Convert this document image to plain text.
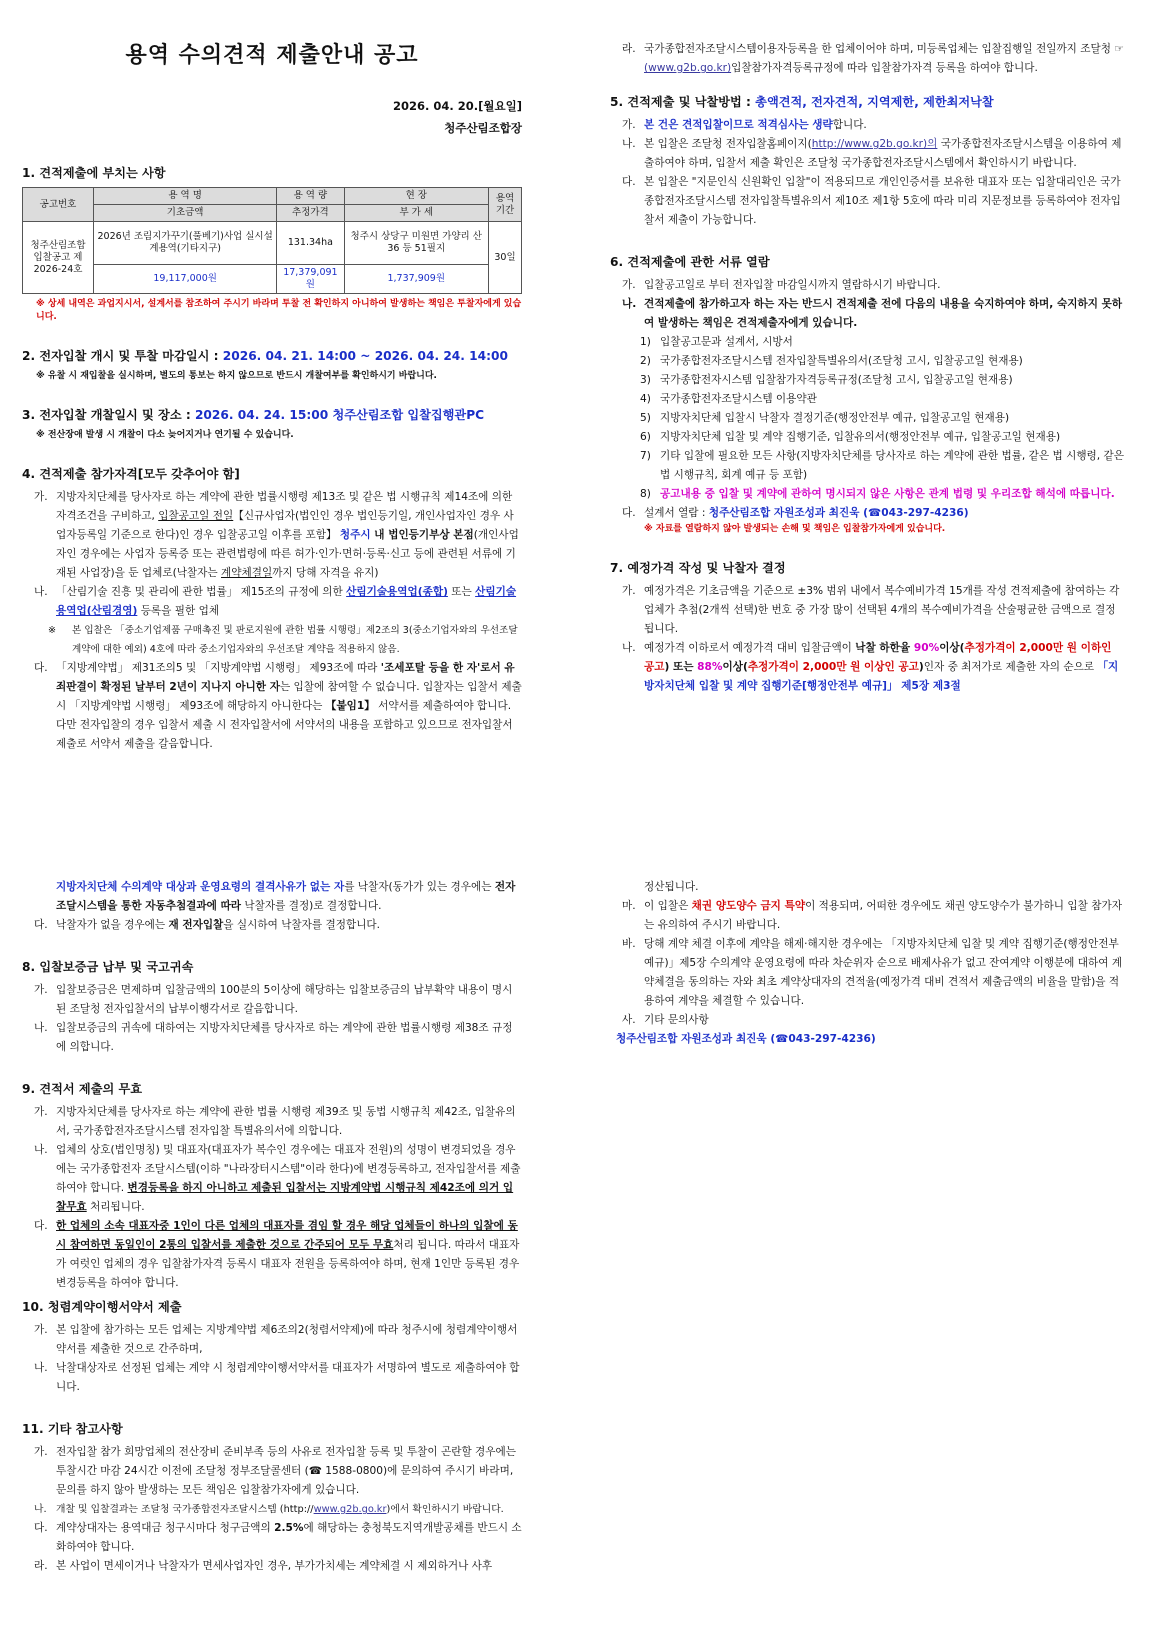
용역 수의견적 제출안내 공고
2026. 04. 20.[월요일]
청주산림조합장
1. 견적제출에 부치는 사항
공고번호	용 역 명	용 역 량	현 장	용역 기간
	기초금액	추정가격	부 가 세	
청주산림조합 입찰공고 제2026-24호	2026년 조림지가꾸기(풀베기)사업 실시설계용역(기타지구)	131.34ha	청주시 상당구 미원면 가양리 산36 등 51필지	30일
	19,117,000원	17,379,091원	1,737,909원	
※ 상세 내역은 과업지시서, 설계서를 참조하여 주시기 바라며 투찰 전 확인하지 아니하여 발생하는 책임은 투찰자에게 있습니다.
2. 전자입찰 개시 및 투찰 마감일시 : 2026. 04. 21. 14:00 ~ 2026. 04. 24. 14:00
※ 유찰 시 재입찰을 실시하며, 별도의 통보는 하지 않으므로 반드시 개찰여부를 확인하시기 바랍니다.
3. 전자입찰 개찰일시 및 장소 : 2026. 04. 24. 15:00 청주산림조합 입찰집행관PC
※ 전산장애 발생 시 개찰이 다소 늦어지거나 연기될 수 있습니다.
4. 견적제출 참가자격[모두 갖추어야 함]
가. 지방자치단체를 당사자로 하는 계약에 관한 법률시행령 제13조 및 같은 법 시행규칙 제14조에 의한 자격조건을 구비하고, 입찰공고일 전일【신규사업자(법인인 경우 법인등기일, 개인사업자인 경우 사업자등록일 기준으로 한다)인 경우 입찰공고일 이후를 포함】 청주시 내 법인등기부상 본점(개인사업자인 경우에는 사업자 등록증 또는 관련법령에 따른 허가·인가·면허·등록·신고 등에 관련된 서류에 기재된 사업장)을 둔 업체로(낙찰자는 계약체결일까지 당해 자격을 유지)
나. 「산림기술 진흥 및 관리에 관한 법률」 제15조의 규정에 의한 산림기술용역업(종합) 또는 산림기술용역업(산림경영) 등록을 필한 업체
※ 본 입찰은 「중소기업제품 구매촉진 및 판로지원에 관한 법률 시행령」제2조의 3(중소기업자와의 우선조달계약에 대한 예외) 4호에 따라 중소기업자와의 우선조달 계약을 적용하지 않음.
다. 「지방계약법」 제31조의5 및 「지방계약법 시행령」 제93조에 따라 '조세포탈 등을 한 자'로서 유죄판결이 확정된 날부터 2년이 지나지 아니한 자는 입찰에 참여할 수 없습니다. 입찰자는 입찰서 제출 시 「지방계약법 시행령」 제93조에 해당하지 아니한다는 【붙임1】 서약서를 제출하여야 합니다. 다만 전자입찰의 경우 입찰서 제출 시 전자입찰서에 서약서의 내용을 포함하고 있으므로 전자입찰서 제출로 서약서 제출을 갈음합니다.
라. 국가종합전자조달시스템이용자등록을 한 업체이어야 하며, 미등록업체는 입찰집행일 전일까지 조달청 ☞ (www.g2b.go.kr)입찰참가자격등록규정에 따라 입찰참가자격 등록을 하여야 합니다.
5. 견적제출 및 낙찰방법 : 총액견적, 전자견적, 지역제한, 제한최저낙찰
가. 본 건은 견적입찰이므로 적격심사는 생략합니다.
나. 본 입찰은 조달청 전자입찰홈페이지(http://www.g2b.go.kr)의 국가종합전자조달시스템을 이용하여 제출하여야 하며, 입찰서 제출 확인은 조달청 국가종합전자조달시스템에서 확인하시기 바랍니다.
다. 본 입찰은 "지문인식 신원확인 입찰"이 적용되므로 개인인증서를 보유한 대표자 또는 입찰대리인은 국가종합전자조달시스템 전자입찰특별유의서 제10조 제1항 5호에 따라 미리 지문정보를 등록하여야 전자입찰서 제출이 가능합니다.
6. 견적제출에 관한 서류 열람
가. 입찰공고일로 부터 전자입찰 마감일시까지 열람하시기 바랍니다.
나. 견적제출에 참가하고자 하는 자는 반드시 견적제출 전에 다음의 내용을 숙지하여야 하며, 숙지하지 못하여 발생하는 책임은 견적제출자에게 있습니다.
1) 입찰공고문과 설계서, 시방서
2) 국가종합전자조달시스템 전자입찰특별유의서(조달청 고시, 입찰공고일 현재용)
3) 국가종합전자시스템 입찰참가자격등록규정(조달청 고시, 입찰공고일 현재용)
4) 국가종합전자조달시스템 이용약관
5) 지방자치단체 입찰시 낙찰자 결정기준(행정안전부 예규, 입찰공고일 현재용)
6) 지방자치단체 입찰 및 계약 집행기준, 입찰유의서(행정안전부 예규, 입찰공고일 현재용)
7) 기타 입찰에 필요한 모든 사항(지방자치단체를 당사자로 하는 계약에 관한 법률, 같은 법 시행령, 같은 법 시행규칙, 회계 예규 등 포함)
8) 공고내용 중 입찰 및 계약에 관하여 명시되지 않은 사항은 관계 법령 및 우리조합 해석에 따릅니다.
다. 설계서 열람 : 청주산림조합 자원조성과 최진욱 (☎043-297-4236)
※ 자료를 열람하지 않아 발생되는 손해 및 책임은 입찰참가자에게 있습니다.
7. 예정가격 작성 및 낙찰자 결정
가. 예정가격은 기초금액을 기준으로 ±3% 범위 내에서 복수예비가격 15개를 작성 견적제출에 참여하는 각 업체가 추첨(2개씩 선택)한 번호 중 가장 많이 선택된 4개의 복수예비가격을 산술평균한 금액으로 결정됩니다.
나. 예정가격 이하로서 예정가격 대비 입찰금액이 낙찰 하한율 90%이상(추정가격이 2,000만 원 이하인 공고) 또는 88%이상(추정가격이 2,000만 원 이상인 공고)인자 중 최저가로 제출한 자의 순으로 「지방자치단체 입찰 및 계약 집행기준[행정안전부 예규]」 제5장 제3절
지방자치단체 수의계약 대상과 운영요령의 결격사유가 없는 자를 낙찰자(동가가 있는 경우에는 전자조달시스템을 통한 자동추첨결과에 따라 낙찰자를 결정)로 결정합니다.
다. 낙찰자가 없을 경우에는 재 전자입찰을 실시하여 낙찰자를 결정합니다.
8. 입찰보증금 납부 및 국고귀속
가. 입찰보증금은 면제하며 입찰금액의 100분의 5이상에 해당하는 입찰보증금의 납부확약 내용이 명시된 조달청 전자입찰서의 납부이행각서로 갈음합니다.
나. 입찰보증금의 귀속에 대하여는 지방자치단체를 당사자로 하는 계약에 관한 법률시행령 제38조 규정에 의합니다.
9. 견적서 제출의 무효
가. 지방자치단체를 당사자로 하는 계약에 관한 법률 시행령 제39조 및 동법 시행규칙 제42조, 입찰유의서, 국가종합전자조달시스템 전자입찰 특별유의서에 의합니다.
나. 업체의 상호(법인명칭) 및 대표자(대표자가 복수인 경우에는 대표자 전원)의 성명이 변경되었을 경우에는 국가종합전자 조달시스템(이하 "나라장터시스템"이라 한다)에 변경등록하고, 전자입찰서를 제출하여야 합니다. 변경등록을 하지 아니하고 제출된 입찰서는 지방계약법 시행규칙 제42조에 의거 입찰무효 처리됩니다.
다. 한 업체의 소속 대표자중 1인이 다른 업체의 대표자를 겸임 할 경우 해당 업체들이 하나의 입찰에 동시 참여하면 동일인이 2통의 입찰서를 제출한 것으로 간주되어 모두 무효처리 됩니다. 따라서 대표자가 여럿인 업체의 경우 입찰참가자격 등록시 대표자 전원을 등록하여야 하며, 현재 1인만 등록된 경우 변경등록을 하여야 합니다.
10. 청렴계약이행서약서 제출
가. 본 입찰에 참가하는 모든 업체는 지방계약법 제6조의2(청렴서약제)에 따라 청주시에 청렴계약이행서약서를 제출한 것으로 간주하며,
나. 낙찰대상자로 선정된 업체는 계약 시 청렴계약이행서약서를 대표자가 서명하여 별도로 제출하여야 합니다.
11. 기타 참고사항
가. 전자입찰 참가 희망업체의 전산장비 준비부족 등의 사유로 전자입찰 등록 및 투찰이 곤란할 경우에는 투찰시간 마감 24시간 이전에 조달청 정부조달콜센터 (☎ 1588-0800)에 문의하여 주시기 바라며, 문의를 하지 않아 발생하는 모든 책임은 입찰참가자에게 있습니다.
나. 개찰 및 입찰결과는 조달청 국가종합전자조달시스템 (http://www.g2b.go.kr)에서 확인하시기 바랍니다.
다. 계약상대자는 용역대금 청구시마다 청구금액의 2.5%에 해당하는 충청북도지역개발공채를 반드시 소화하여야 합니다.
라. 본 사업이 면세이거나 낙찰자가 면세사업자인 경우, 부가가치세는 계약체결 시 제외하거나 사후
정산됩니다.
마. 이 입찰은 채권 양도양수 금지 특약이 적용되며, 어떠한 경우에도 채권 양도양수가 불가하니 입찰 참가자는 유의하여 주시기 바랍니다.
바. 당해 계약 체결 이후에 계약을 해제·해지한 경우에는 「지방자치단체 입찰 및 계약 집행기준(행정안전부 예규)」제5장 수의계약 운영요령에 따라 차순위자 순으로 배제사유가 없고 잔여계약 이행분에 대하여 계약체결을 동의하는 자와 최초 계약상대자의 견적율(예정가격 대비 견적서 제출금액의 비율을 말함)을 적용하여 계약을 체결할 수 있습니다.
사. 기타 문의사항
청주산림조합 자원조성과 최진욱 (☎043-297-4236)
